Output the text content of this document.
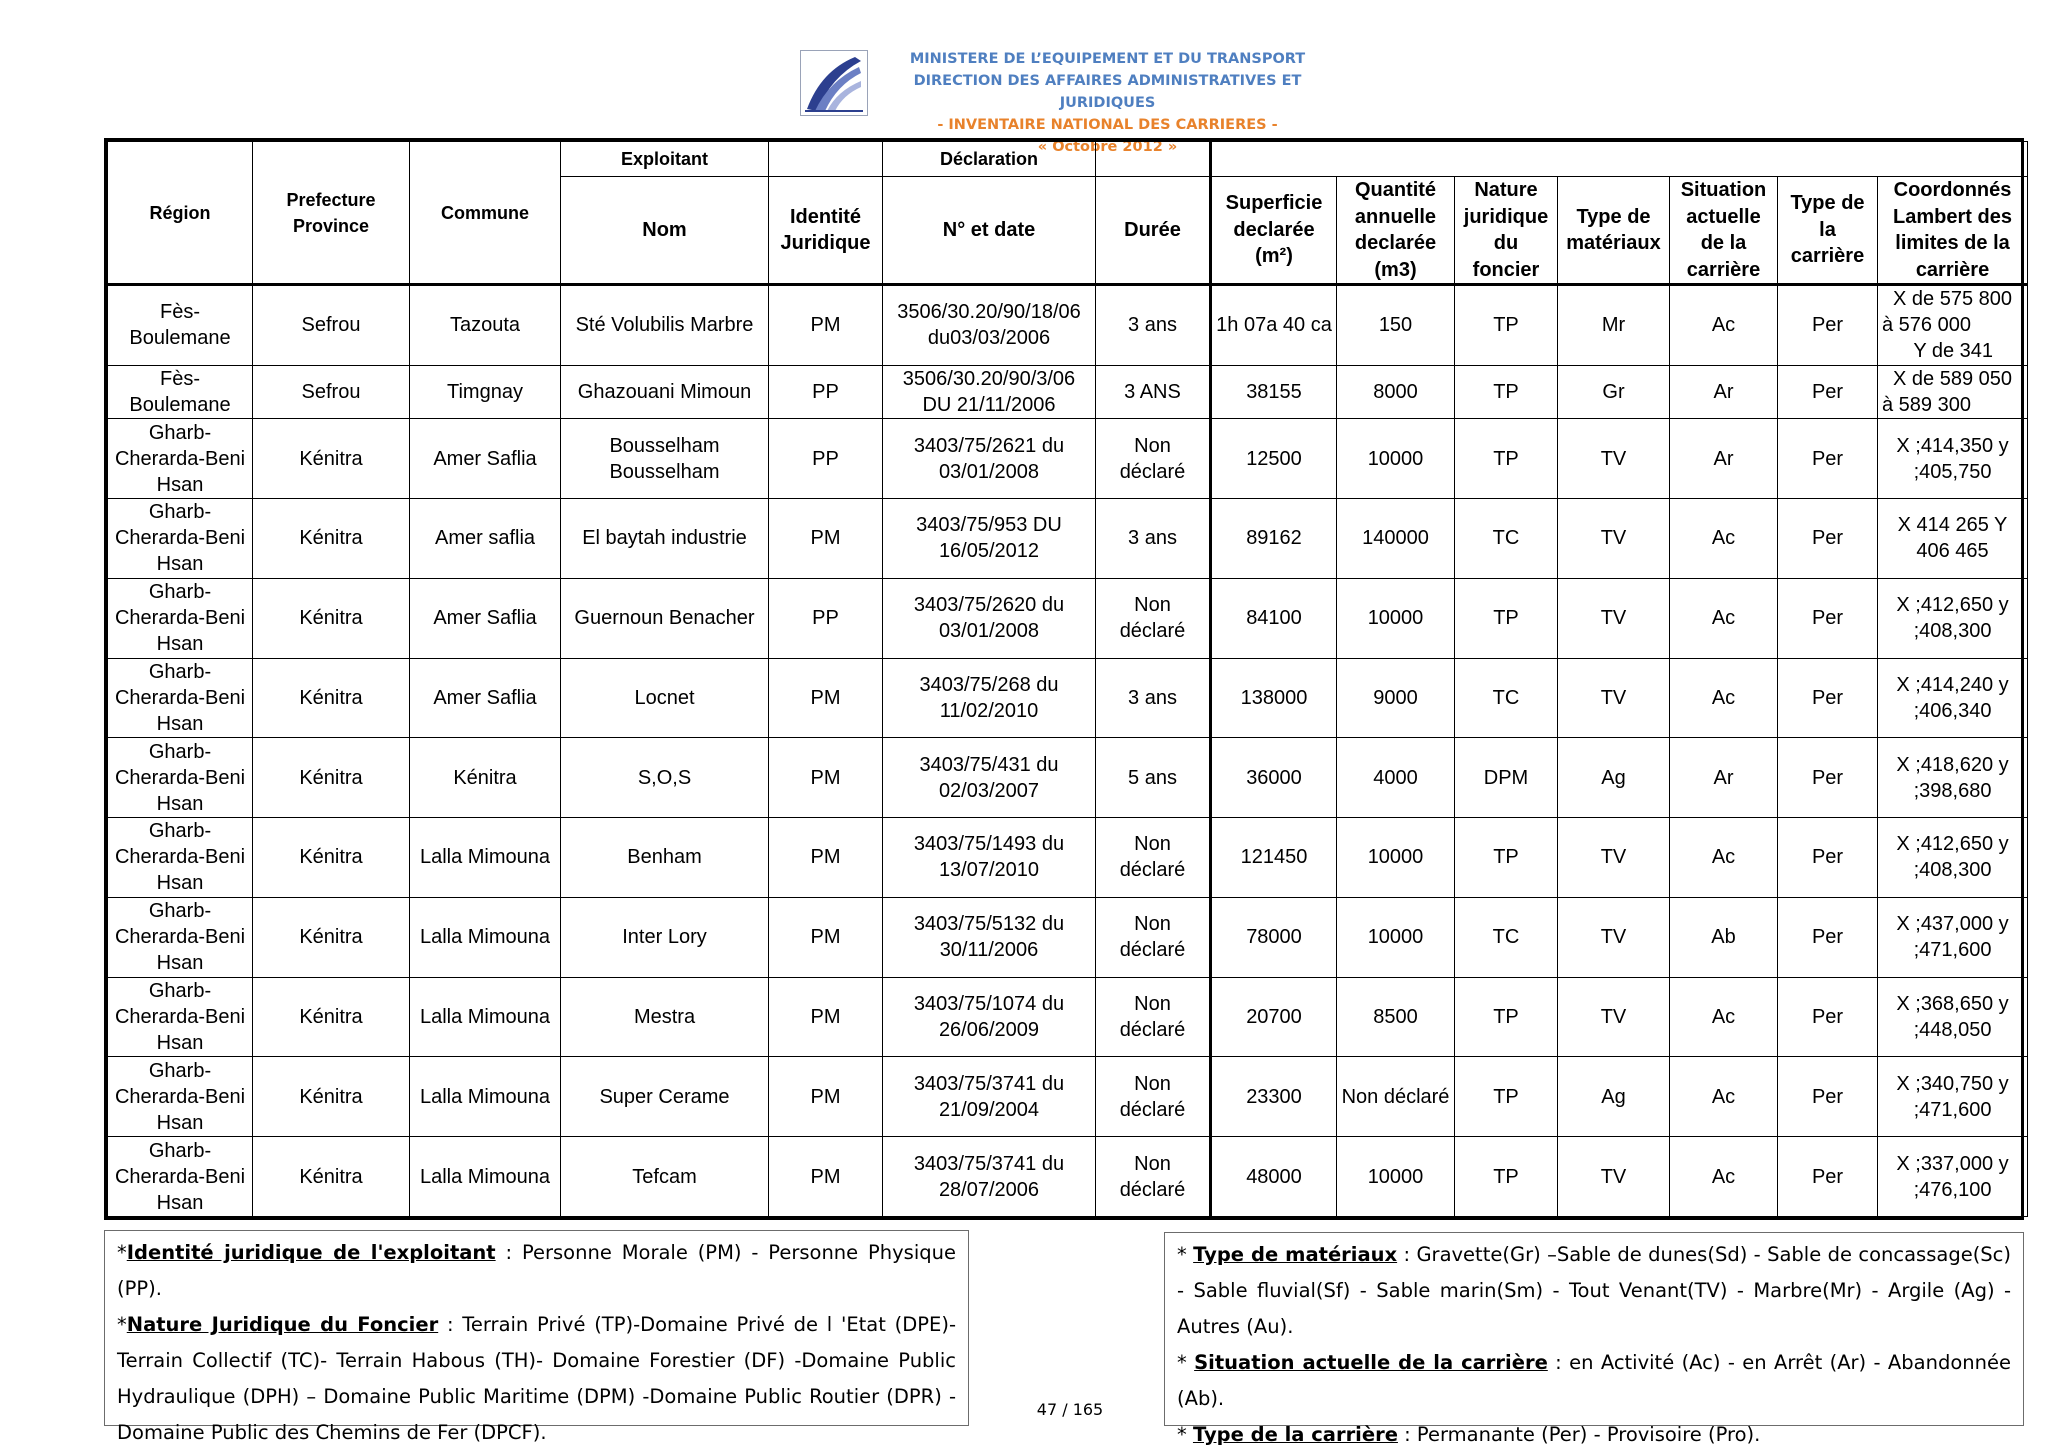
MINISTERE DE L’EQUIPEMENT ET DU TRANSPORT
DIRECTION DES AFFAIRES ADMINISTRATIVES ET JURIDIQUES
- INVENTAIRE NATIONAL DES CARRIERES -
« Octobre 2012 »
Région	Prefecture Province	Commune	Exploitant		Déclaration								
			Nom	Identité Juridique	N° et date	Durée	Superficie declarée (m²)	Quantité annuelle declarée (m3)	Nature juridique du foncier	Type de matériaux	Situation actuelle de la carrière	Type de la carrière	Coordonnés Lambert des limites de la carrière
Fès-Boulemane	Sefrou	Tazouta	Sté Volubilis Marbre	PM	3506/30.20/90/18/06 du03/03/2006	3 ans	1h 07a 40 ca	150	TP	Mr	Ac	Per	X de 575 800
à 576 000
Y de 341

Fès-Boulemane	Sefrou	Timgnay	Ghazouani Mimoun	PP	3506/30.20/90/3/06 DU 21/11/2006	3 ANS	38155	8000	TP	Gr	Ar	Per	X de 589 050
à 589 300

Gharb-Cherarda-Beni Hsan	Kénitra	Amer Saflia	Bousselham Bousselham	PP	3403/75/2621 du 03/01/2008	Non déclaré	12500	10000	TP	TV	Ar	Per	X ;414,350 y ;405,750

Gharb-Cherarda-Beni Hsan	Kénitra	Amer saflia	El baytah industrie	PM	3403/75/953 DU 16/05/2012	3 ans	89162	140000	TC	TV	Ac	Per	X 414 265 Y 406 465

Gharb-Cherarda-Beni Hsan	Kénitra	Amer Saflia	Guernoun Benacher	PP	3403/75/2620 du 03/01/2008	Non déclaré	84100	10000	TP	TV	Ac	Per	X ;412,650 y ;408,300

Gharb-Cherarda-Beni Hsan	Kénitra	Amer Saflia	Locnet	PM	3403/75/268 du 11/02/2010	3 ans	138000	9000	TC	TV	Ac	Per	X ;414,240 y ;406,340

Gharb-Cherarda-Beni Hsan	Kénitra	Kénitra	S,O,S	PM	3403/75/431 du 02/03/2007	5 ans	36000	4000	DPM	Ag	Ar	Per	X ;418,620 y ;398,680

Gharb-Cherarda-Beni Hsan	Kénitra	Lalla Mimouna	Benham	PM	3403/75/1493 du 13/07/2010	Non déclaré	121450	10000	TP	TV	Ac	Per	X ;412,650 y ;408,300

Gharb-Cherarda-Beni Hsan	Kénitra	Lalla Mimouna	Inter Lory	PM	3403/75/5132 du 30/11/2006	Non déclaré	78000	10000	TC	TV	Ab	Per	X ;437,000 y ;471,600

Gharb-Cherarda-Beni Hsan	Kénitra	Lalla Mimouna	Mestra	PM	3403/75/1074 du 26/06/2009	Non déclaré	20700	8500	TP	TV	Ac	Per	X ;368,650 y ;448,050

Gharb-Cherarda-Beni Hsan	Kénitra	Lalla Mimouna	Super Cerame	PM	3403/75/3741 du 21/09/2004	Non déclaré	23300	Non déclaré	TP	Ag	Ac	Per	X ;340,750 y ;471,600

Gharb-Cherarda-Beni Hsan	Kénitra	Lalla Mimouna	Tefcam	PM	3403/75/3741 du 28/07/2006	Non déclaré	48000	10000	TP	TV	Ac	Per	X ;337,000 y ;476,100

*Identité juridique de l'exploitant : Personne Morale (PM) - Personne Physique (PP).

*Nature Juridique du Foncier : Terrain Privé (TP)-Domaine Privé de l 'Etat (DPE)- Terrain Collectif (TC)- Terrain Habous (TH)- Domaine Forestier (DF) -Domaine Public Hydraulique (DPH) – Domaine Public Maritime (DPM) -Domaine Public Routier (DPR) - Domaine Public des Chemins de Fer (DPCF).

47 / 165

* Type de matériaux : Gravette(Gr) –Sable de dunes(Sd) - Sable de concassage(Sc) - Sable fluvial(Sf) - Sable marin(Sm) - Tout Venant(TV) - Marbre(Mr) - Argile (Ag) - Autres (Au).

* Situation actuelle de la carrière : en Activité (Ac) - en Arrêt (Ar) - Abandonnée (Ab).

* Type de la carrière : Permanante (Per) - Provisoire (Pro).
